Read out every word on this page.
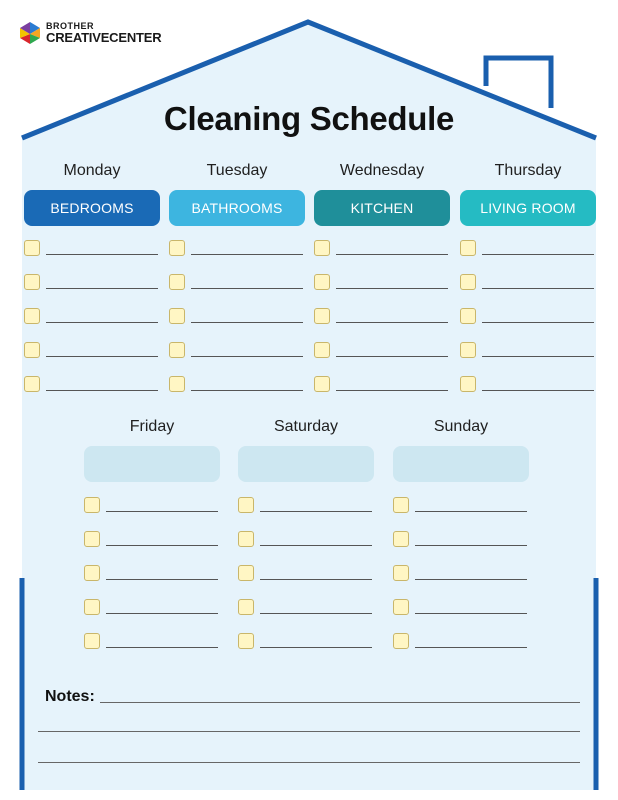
BROTHER
CREATIVECENTER
Cleaning Schedule
Monday
BEDROOMS
Tuesday
BATHROOMS
Wednesday
KITCHEN
Thursday
LIVING ROOM
Friday	Saturday	Sunday
Notes:
